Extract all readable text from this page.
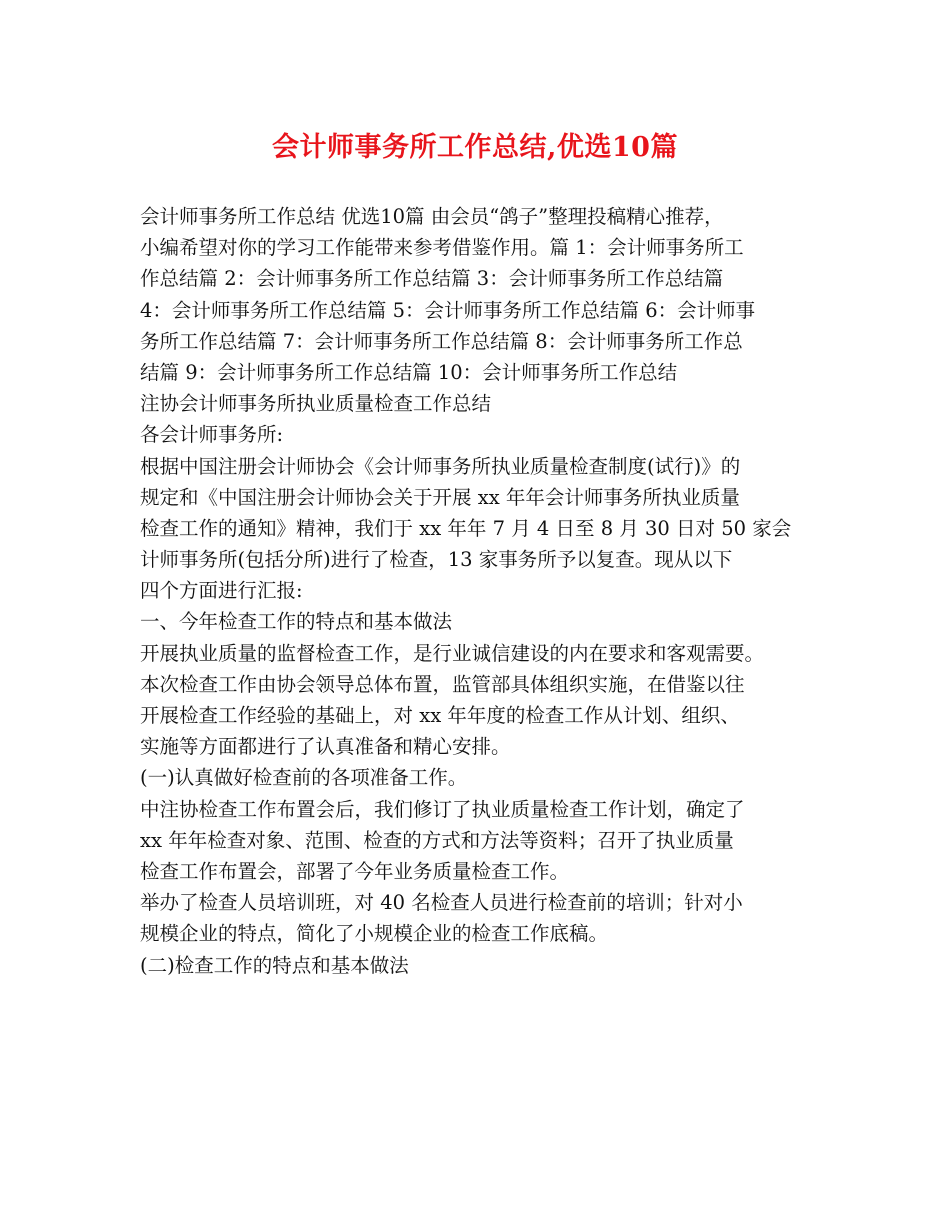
会计师事务所工作总结,优选10篇
会计师事务所工作总结 优选10篇 由会员“鸽子”整理投稿精心推荐，
小编希望对你的学习工作能带来参考借鉴作用。篇 1：会计师事务所工
作总结篇 2：会计师事务所工作总结篇 3：会计师事务所工作总结篇
4：会计师事务所工作总结篇 5：会计师事务所工作总结篇 6：会计师事
务所工作总结篇 7：会计师事务所工作总结篇 8：会计师事务所工作总
结篇 9：会计师事务所工作总结篇 10：会计师事务所工作总结
注协会计师事务所执业质量检查工作总结
各会计师事务所:
根据中国注册会计师协会《会计师事务所执业质量检查制度(试行)》的
规定和《中国注册会计师协会关于开展 xx 年年会计师事务所执业质量
检查工作的通知》精神，我们于 xx 年年 7 月 4 日至 8 月 30 日对 50 家会
计师事务所(包括分所)进行了检查，13 家事务所予以复查。现从以下
四个方面进行汇报:
一、今年检查工作的特点和基本做法
开展执业质量的监督检查工作，是行业诚信建设的内在要求和客观需要。
本次检查工作由协会领导总体布置，监管部具体组织实施，在借鉴以往
开展检查工作经验的基础上，对 xx 年年度的检查工作从计划、组织、
实施等方面都进行了认真准备和精心安排。
(一)认真做好检查前的各项准备工作。
中注协检查工作布置会后，我们修订了执业质量检查工作计划，确定了
xx 年年检查对象、范围、检查的方式和方法等资料；召开了执业质量
检查工作布置会，部署了今年业务质量检查工作。
举办了检查人员培训班，对 40 名检查人员进行检查前的培训；针对小
规模企业的特点，简化了小规模企业的检查工作底稿。
(二)检查工作的特点和基本做法
